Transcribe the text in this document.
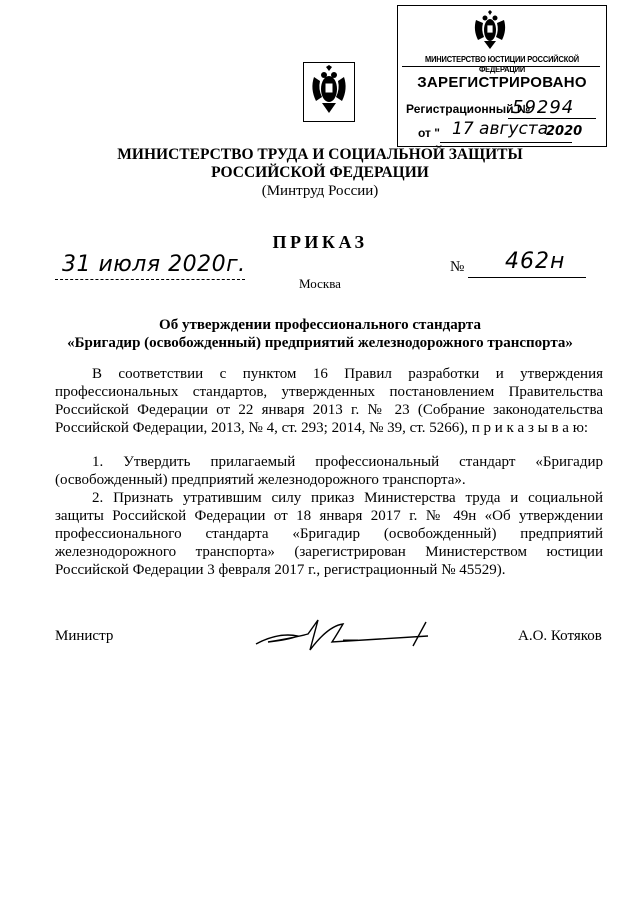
МИНИСТЕРСТВО ЮСТИЦИИ РОССИЙСКОЙ ФЕДЕРАЦИИ
ЗАРЕГИСТРИРОВАНО
Регистрационный №
59294
от " 17 августа
2020
МИНИСТЕРСТВО ТРУДА И СОЦИАЛЬНОЙ ЗАЩИТЫ
РОССИЙСКОЙ ФЕДЕРАЦИИ
(Минтруд России)
ПРИКАЗ
31 июля 2020г.	№ 462н
Москва
Об утверждении профессионального стандарта
«Бригадир (освобожденный) предприятий железнодорожного транспорта»
В соответствии с пунктом 16 Правил разработки и утверждения профессиональных стандартов, утвержденных постановлением Правительства Российской Федерации от 22 января 2013 г. № 23 (Собрание законодательства Российской Федерации, 2013, № 4, ст. 293; 2014, № 39, ст. 5266), п р и к а з ы в а ю:
1. Утвердить прилагаемый профессиональный стандарт «Бригадир (освобожденный) предприятий железнодорожного транспорта».
2. Признать утратившим силу приказ Министерства труда и социальной защиты Российской Федерации от 18 января 2017 г. № 49н «Об утверждении профессионального стандарта «Бригадир (освобожденный) предприятий железнодорожного транспорта» (зарегистрирован Министерством юстиции Российской Федерации 3 февраля 2017 г., регистрационный № 45529).
Министр	А.О. Котяков
